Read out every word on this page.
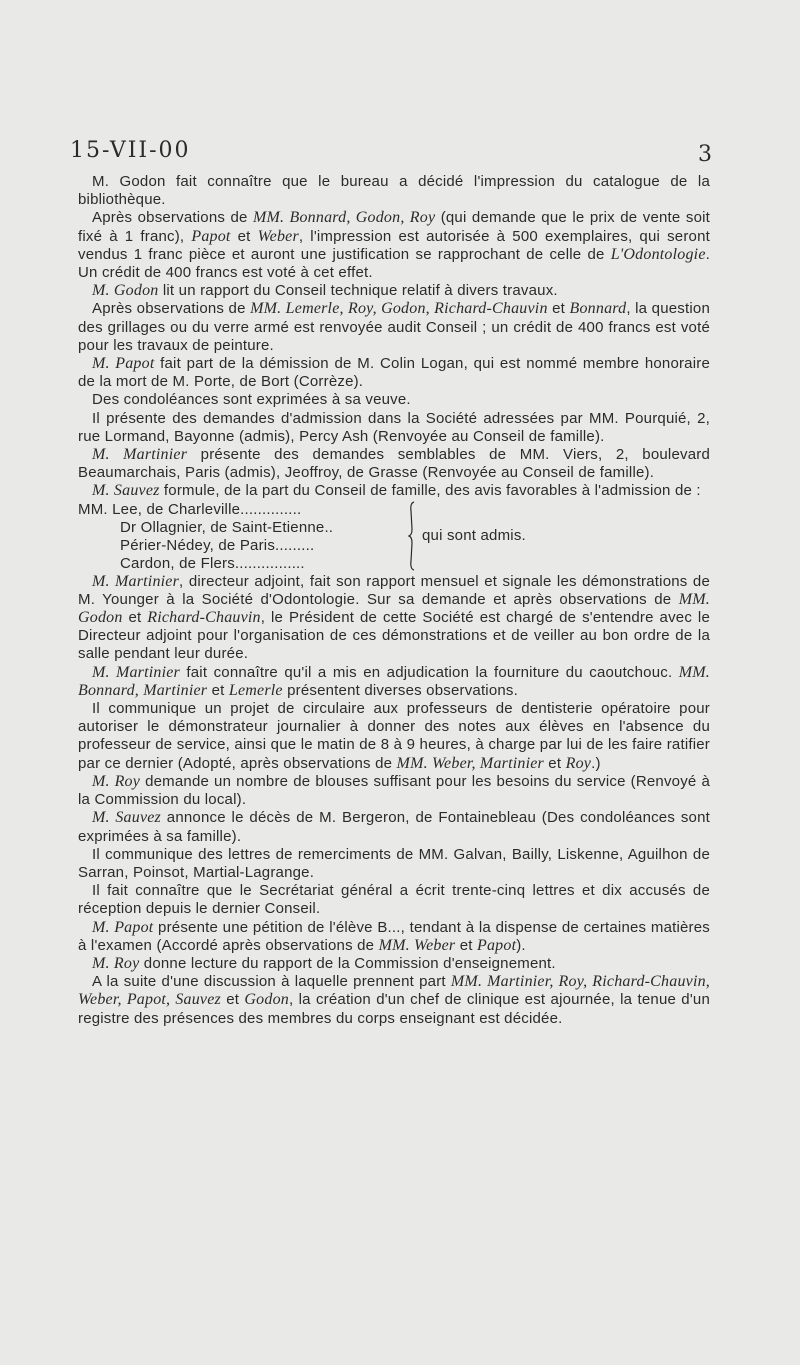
15-VII-00	3

M. Godon fait connaître que le bureau a décidé l'impression du catalogue de la bibliothèque.

Après observations de MM. Bonnard, Godon, Roy (qui demande que le prix de vente soit fixé à 1 franc), Papot et Weber, l'impression est autorisée à 500 exemplaires, qui seront vendus 1 franc pièce et auront une justification se rapprochant de celle de L'Odontologie. Un crédit de 400 francs est voté à cet effet.

M. Godon lit un rapport du Conseil technique relatif à divers travaux.

Après observations de MM. Lemerle, Roy, Godon, Richard-Chauvin et Bonnard, la question des grillages ou du verre armé est renvoyée audit Conseil ; un crédit de 400 francs est voté pour les travaux de peinture.

M. Papot fait part de la démission de M. Colin Logan, qui est nommé membre honoraire de la mort de M. Porte, de Bort (Corrèze).

Des condoléances sont exprimées à sa veuve.

Il présente des demandes d'admission dans la Société adressées par MM. Pourquié, 2, rue Lormand, Bayonne (admis), Percy Ash (Renvoyée au Conseil de famille).

M. Martinier présente des demandes semblables de MM. Viers, 2, boulevard Beaumarchais, Paris (admis), Jeoffroy, de Grasse (Renvoyée au Conseil de famille).

M. Sauvez formule, de la part du Conseil de famille, des avis favorables à l'admission de :

MM. Lee, de Charleville..............
Dr Ollagnier, de Saint-Etienne..
Périer-Nédey, de Paris.........
Cardon, de Flers................
qui sont admis.

M. Martinier, directeur adjoint, fait son rapport mensuel et signale les démonstrations de M. Younger à la Société d'Odontologie. Sur sa demande et après observations de MM. Godon et Richard-Chauvin, le Président de cette Société est chargé de s'entendre avec le Directeur adjoint pour l'organisation de ces démonstrations et de veiller au bon ordre de la salle pendant leur durée.

M. Martinier fait connaître qu'il a mis en adjudication la fourniture du caoutchouc. MM. Bonnard, Martinier et Lemerle présentent diverses observations.

Il communique un projet de circulaire aux professeurs de dentisterie opératoire pour autoriser le démonstrateur journalier à donner des notes aux élèves en l'absence du professeur de service, ainsi que le matin de 8 à 9 heures, à charge par lui de les faire ratifier par ce dernier (Adopté, après observations de MM. Weber, Martinier et Roy.)

M. Roy demande un nombre de blouses suffisant pour les besoins du service (Renvoyé à la Commission du local).

M. Sauvez annonce le décès de M. Bergeron, de Fontainebleau (Des condoléances sont exprimées à sa famille).

Il communique des lettres de remerciments de MM. Galvan, Bailly, Liskenne, Aguilhon de Sarran, Poinsot, Martial-Lagrange.

Il fait connaître que le Secrétariat général a écrit trente-cinq lettres et dix accusés de réception depuis le dernier Conseil.

M. Papot présente une pétition de l'élève B..., tendant à la dispense de certaines matières à l'examen (Accordé après observations de MM. Weber et Papot).

M. Roy donne lecture du rapport de la Commission d'enseignement.

A la suite d'une discussion à laquelle prennent part MM. Martinier, Roy, Richard-Chauvin, Weber, Papot, Sauvez et Godon, la création d'un chef de clinique est ajournée, la tenue d'un registre des présences des membres du corps enseignant est décidée.
